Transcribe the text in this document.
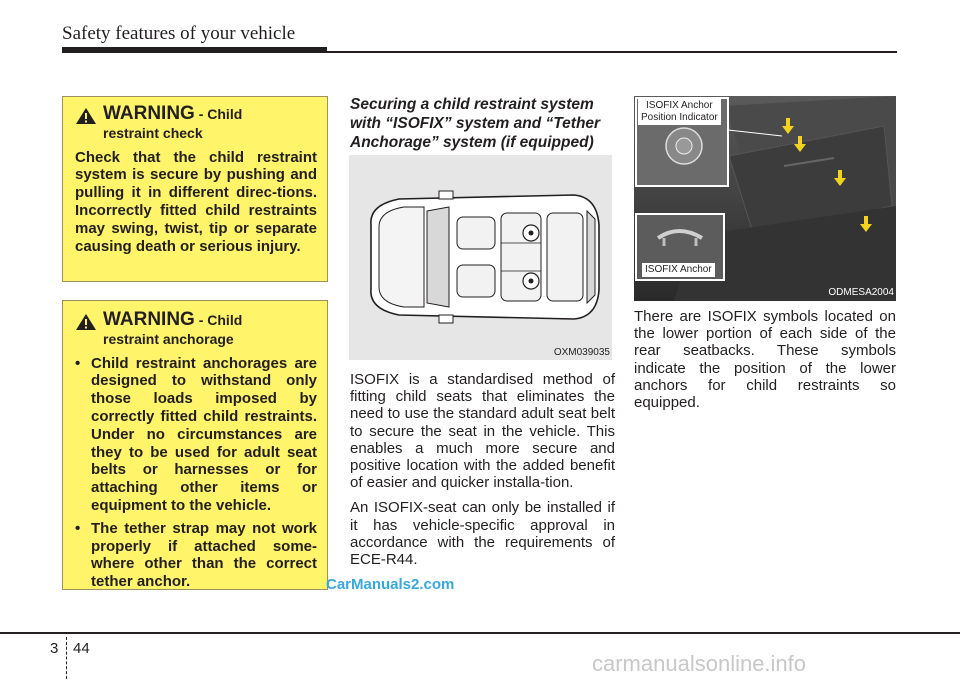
Safety features of your vehicle
WARNING - Child
restraint check
Check that the child restraint system is secure by pushing and pulling it in different direc-tions. Incorrectly fitted child restraints may swing, twist, tip or separate causing death or serious injury.
WARNING - Child
restraint anchorage
• Child restraint anchorages are designed to withstand only those loads imposed by correctly fitted child restraints. Under no circumstances are they to be used for adult seat belts or harnesses or for attaching other items or equipment to the vehicle.
• The tether strap may not work properly if attached some-where other than the correct tether anchor.
Securing a child restraint system with “ISOFIX” system and “Tether Anchorage” system (if equipped)
OXM039035

ISOFIX is a standardised method of fitting child seats that eliminates the need to use the standard adult seat belt to secure the seat in the vehicle. This enables a much more secure and positive location with the added benefit of easier and quicker installa-tion.

An ISOFIX-seat can only be installed if it has vehicle-specific approval in accordance with the requirements of ECE-R44.

ISOFIX Anchor
Position Indicator
ISOFIX Anchor
ODMESA2004
There are ISOFIX symbols located on the lower portion of each side of the rear seatbacks. These symbols indicate the position of the lower anchors for child restraints so equipped.
CarManuals2.com
3 44
carmanualsonline.info
